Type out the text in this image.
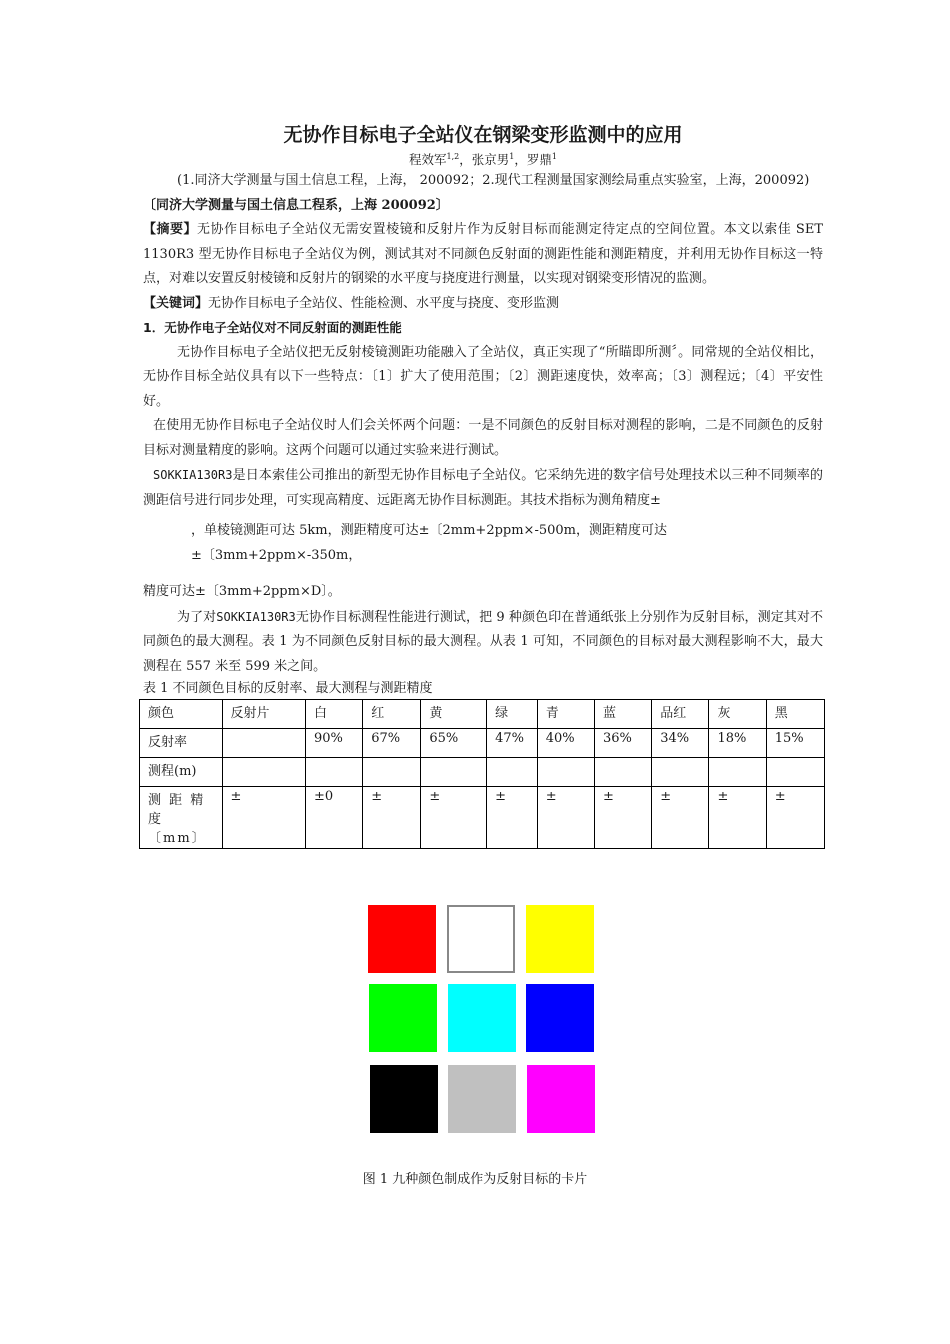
无协作目标电子全站仪在钢梁变形监测中的应用

程效军$^{1,2}$，张京男$^1$，罗鼎$^1$

(1.同济大学测量与国土信息工程，上海， 200092；2.现代工程测量国家测绘局重点实验室，上海，200092)

〔同济大学测量与国土信息工程系，上海 200092〕

【摘要】无协作目标电子全站仪无需安置棱镜和反射片作为反射目标而能测定待定点的空间位置。本文以索佳 SET 1130R3 型无协作目标电子全站仪为例，测试其对不同颜色反射面的测距性能和测距精度，并利用无协作目标这一特点，对难以安置反射棱镜和反射片的钢梁的水平度与挠度进行测量，以实现对钢梁变形情况的监测。

【关键词】无协作目标电子全站仪、性能检测、水平度与挠度、变形监测

1．无协作电子全站仪对不同反射面的测距性能

无协作目标电子全站仪把无反射棱镜测距功能融入了全站仪，真正实现了“所瞄即所测〞。同常规的全站仪相比，无协作目标全站仪具有以下一些特点：〔1〕扩大了使用范围；〔2〕测距速度快，效率高；〔3〕测程远；〔4〕平安性好。

在使用无协作目标电子全站仪时人们会关怀两个问题：一是不同颜色的反射目标对测程的影响，二是不同颜色的反射目标对测量精度的影响。这两个问题可以通过实验来进行测试。

SOKKIA130R3是日本索佳公司推出的新型无协作目标电子全站仪。它采纳先进的数字信号处理技术以三种不同频率的测距信号进行同步处理，可实现高精度、远距离无协作目标测距。其技术指标为测角精度±

，单棱镜测距可达 5km，测距精度可达±〔2mm+2ppm×-500m，测距精度可达±〔3mm+2ppm×-350m，

精度可达±〔3mm+2ppm×D〕。

为了对SOKKIA130R3无协作目标测程性能进行测试，把 9 种颜色印在普通纸张上分别作为反射目标，测定其对不同颜色的最大测程。表 1 为不同颜色反射目标的最大测程。从表 1 可知，不同颜色的目标对最大测程影响不大，最大测程在 557 米至 599 米之间。

表 1 不同颜色目标的反射率、最大测程与测距精度

颜色	反射片	白	红	黄	绿	青	蓝	品红	灰	黑
反射率		90%	67%	65%	47%	40%	36%	34%	18%	15%
测程(m)										
测 距 精 度〔mm〕	±	±0	±	±	±	±	±	±	±	±

图 1 九种颜色制成作为反射目标的卡片
